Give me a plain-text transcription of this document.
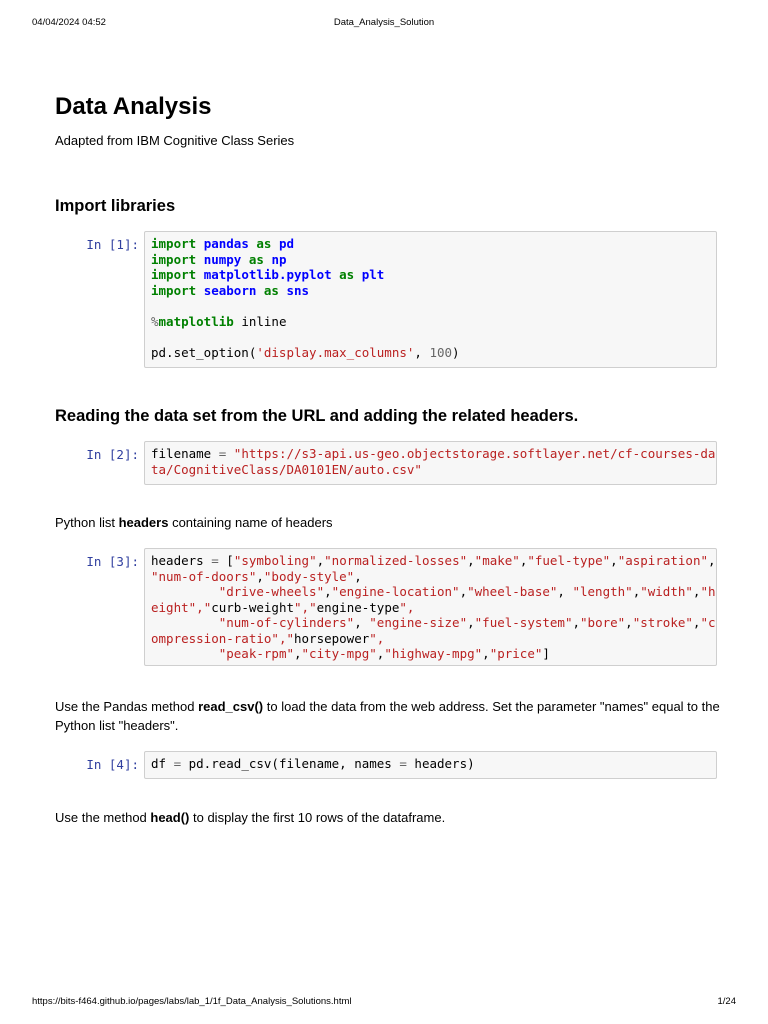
04/04/2024 04:52	Data_Analysis_Solution
Data Analysis

Adapted from IBM Cognitive Class Series

Import libraries
In [1]: import pandas as pd
import numpy as np
import matplotlib.pyplot as plt
import seaborn as sns

%matplotlib inline

pd.set_option('display.max_columns', 100)
Reading the data set from the URL and adding the related headers.
In [2]: filename = "https://s3-api.us-geo.objectstorage.softlayer.net/cf-courses-da
ta/CognitiveClass/DA0101EN/auto.csv"

Python list headers containing name of headers

In [3]: headers = ["symboling","normalized-losses","make","fuel-type","aspiration",
"num-of-doors","body-style",
"drive-wheels","engine-location","wheel-base", "length","width","h
eight","curb-weight","engine-type",
"num-of-cylinders", "engine-size","fuel-system","bore","stroke","c
ompression-ratio","horsepower",
"peak-rpm","city-mpg","highway-mpg","price"]

Use the Pandas method read_csv() to load the data from the web address. Set the parameter "names" equal to the Python list "headers".

In [4]: df = pd.read_csv(filename, names = headers)

Use the method head() to display the first 10 rows of the dataframe.

https://bits-f464.github.io/pages/labs/lab_1/1f_Data_Analysis_Solutions.html	1/24
